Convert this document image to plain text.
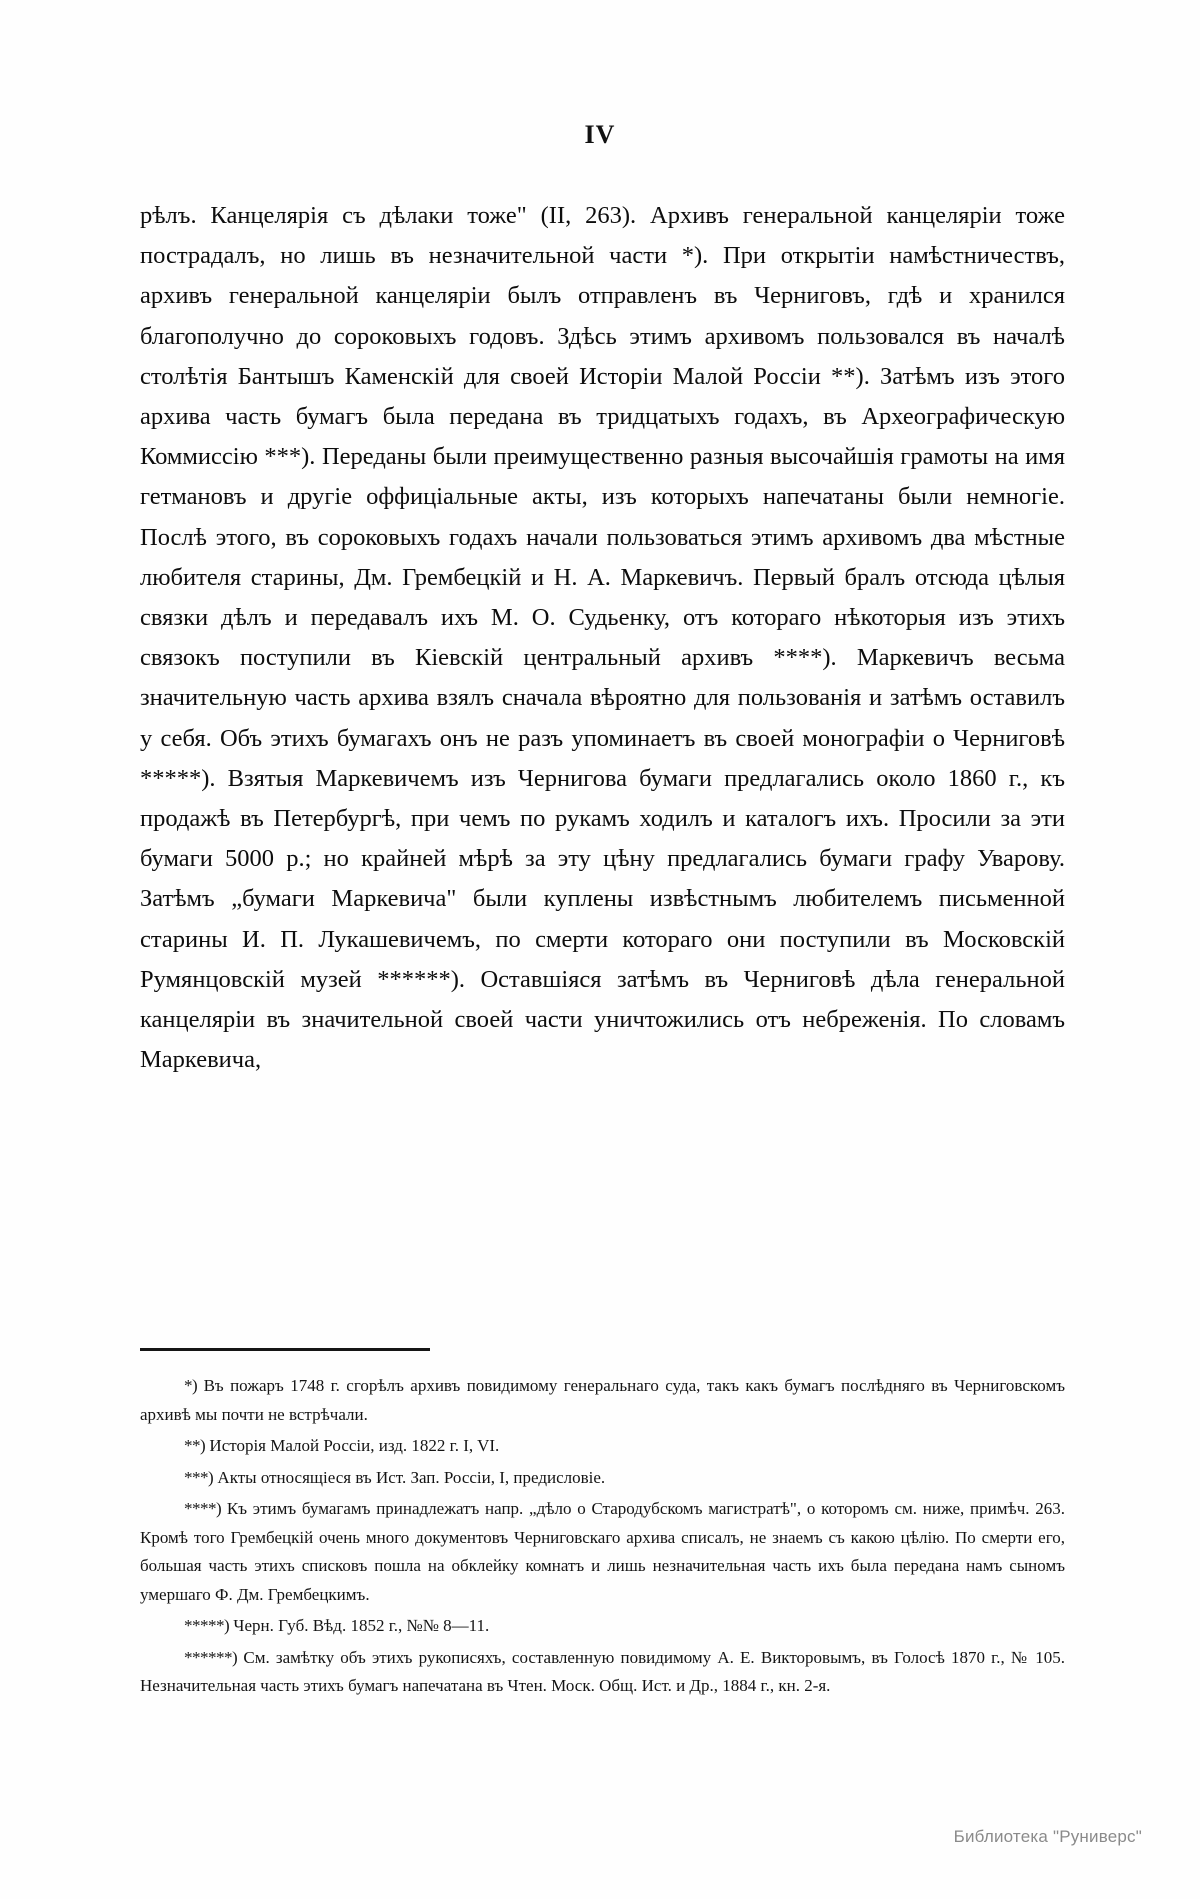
IV

рѣлъ. Канцелярія съ дѣлаки тоже" (II, 263). Архивъ генеральной канцелярiи тоже пострадалъ, но лишь въ незначительной части *). При открытiи намѣстничествъ, архивъ генеральной канцелярiи былъ отправленъ въ Черниговъ, гдѣ и хранился благополучно до сороковыхъ годовъ. Здѣсь этимъ архивомъ пользовался въ началѣ столѣтiя Бантышъ Каменскiй для своей Исторiи Малой Россiи **). Затѣмъ изъ этого архива часть бумагъ была передана въ тридцатыхъ годахъ, въ Археографическую Коммиссiю ***). Переданы были преимущественно разныя высочайшiя грамоты на имя гетмановъ и другiе оффицiальные акты, изъ которыхъ напечатаны были немногiе. Послѣ этого, въ сороковыхъ годахъ начали пользоваться этимъ архивомъ два мѣстные любителя старины, Дм. Грембецкiй и Н. А. Маркевичъ. Первый бралъ отсюда цѣлыя связки дѣлъ и передавалъ ихъ М. О. Судьенку, отъ котораго нѣкоторыя изъ этихъ связокъ поступили въ Кiевскiй центральный архивъ ****). Маркевичъ весьма значительную часть архива взялъ сначала вѣроятно для пользованiя и затѣмъ оставилъ у себя. Объ этихъ бумагахъ онъ не разъ упоминаетъ въ своей монографiи о Черниговѣ *****). Взятыя Маркевичемъ изъ Чернигова бумаги предлагались около 1860 г., къ продажѣ въ Петербургѣ, при чемъ по рукамъ ходилъ и каталогъ ихъ. Просили за эти бумаги 5000 р.; но крайней мѣрѣ за эту цѣну предлагались бумаги графу Уварову. Затѣмъ „бумаги Маркевича" были куплены извѣстнымъ любителемъ письменной старины И. П. Лукашевичемъ, по смерти котораго они поступили въ Московскiй Румянцовскiй музей ******). Оставшiяся затѣмъ въ Черниговѣ дѣла генеральной канцелярiи въ значительной своей части уничтожились отъ небреженiя. По словамъ Маркевича,

*) Въ пожаръ 1748 г. сгорѣлъ архивъ повидимому генеральнаго суда, такъ какъ бумагъ послѣдняго въ Черниговскомъ архивѣ мы почти не встрѣчали.

**) Исторiя Малой Россiи, изд. 1822 г. I, VI.

***) Акты относящiеся въ Ист. Зап. Россiи, I, предисловiе.

****) Къ этимъ бумагамъ принадлежатъ напр. „дѣло о Стародубскомъ магистратѣ", о которомъ см. ниже, примѣч. 263. Кромѣ того Грембецкiй очень много документовъ Черниговскаго архива списалъ, не знаемъ съ какою цѣлiю. По смерти его, большая часть этихъ списковъ пошла на обклейку комнатъ и лишь незначительная часть ихъ была передана намъ сыномъ умершаго Ф. Дм. Грембецкимъ.

*****) Черн. Губ. Вѣд. 1852 г., №№ 8—11.

******) См. замѣтку объ этихъ рукописяхъ, составленную повидимому А. Е. Викторовымъ, въ Голосѣ 1870 г., № 105. Незначительная часть этихъ бумагъ напечатана въ Чтен. Моск. Общ. Ист. и Др., 1884 г., кн. 2-я.

Библиотека "Руниверс"
